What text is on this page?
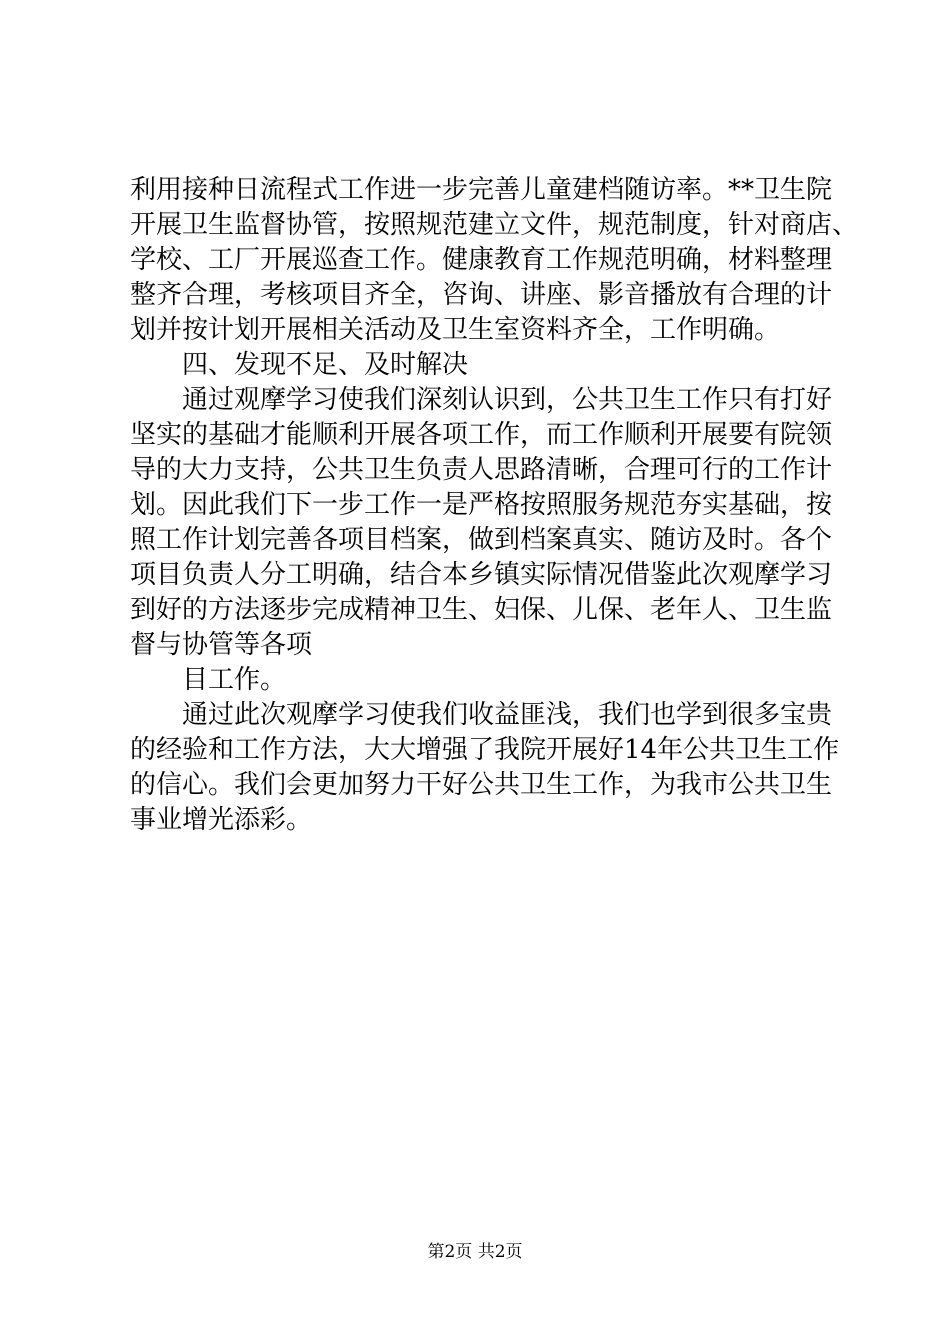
利用接种日流程式工作进一步完善儿童建档随访率。**卫生院
开展卫生监督协管，按照规范建立文件，规范制度，针对商店、
学校、工厂开展巡查工作。健康教育工作规范明确，材料整理
整齐合理，考核项目齐全，咨询、讲座、影音播放有合理的计
划并按计划开展相关活动及卫生室资料齐全，工作明确。
四、发现不足、及时解决
通过观摩学习使我们深刻认识到，公共卫生工作只有打好
坚实的基础才能顺利开展各项工作，而工作顺利开展要有院领
导的大力支持，公共卫生负责人思路清晰，合理可行的工作计
划。因此我们下一步工作一是严格按照服务规范夯实基础，按
照工作计划完善各项目档案，做到档案真实、随访及时。各个
项目负责人分工明确，结合本乡镇实际情况借鉴此次观摩学习
到好的方法逐步完成精神卫生、妇保、儿保、老年人、卫生监
督与协管等各项
目工作。
通过此次观摩学习使我们收益匪浅，我们也学到很多宝贵
的经验和工作方法，大大增强了我院开展好14年公共卫生工作
的信心。我们会更加努力干好公共卫生工作，为我市公共卫生
事业增光添彩。
第2页 共2页
